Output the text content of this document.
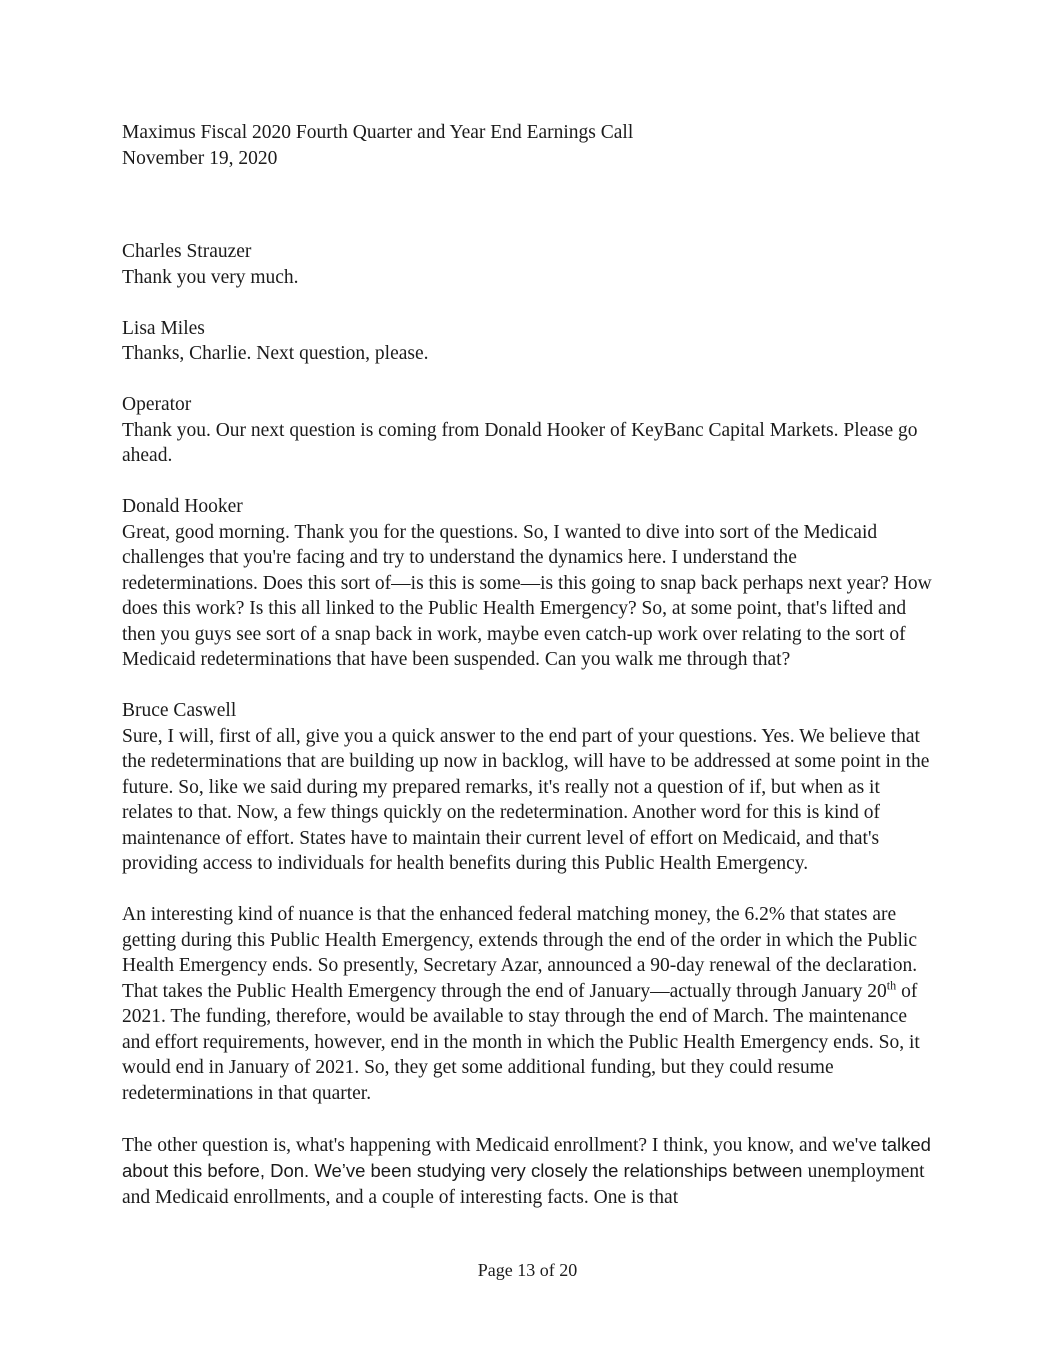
Maximus Fiscal 2020 Fourth Quarter and Year End Earnings Call
November 19, 2020
Charles Strauzer

Thank you very much.

Lisa Miles

Thanks, Charlie. Next question, please.

Operator

Thank you. Our next question is coming from Donald Hooker of KeyBanc Capital Markets. Please go ahead.

Donald Hooker

Great, good morning. Thank you for the questions. So, I wanted to dive into sort of the Medicaid challenges that you're facing and try to understand the dynamics here. I understand the redeterminations. Does this sort of—is this is some—is this going to snap back perhaps next year? How does this work? Is this all linked to the Public Health Emergency? So, at some point, that's lifted and then you guys see sort of a snap back in work, maybe even catch-up work over relating to the sort of Medicaid redeterminations that have been suspended. Can you walk me through that?

Bruce Caswell

Sure, I will, first of all, give you a quick answer to the end part of your questions. Yes. We believe that the redeterminations that are building up now in backlog, will have to be addressed at some point in the future. So, like we said during my prepared remarks, it's really not a question of if, but when as it relates to that. Now, a few things quickly on the redetermination. Another word for this is kind of maintenance of effort. States have to maintain their current level of effort on Medicaid, and that's providing access to individuals for health benefits during this Public Health Emergency.

An interesting kind of nuance is that the enhanced federal matching money, the 6.2% that states are getting during this Public Health Emergency, extends through the end of the order in which the Public Health Emergency ends. So presently, Secretary Azar, announced a 90-day renewal of the declaration. That takes the Public Health Emergency through the end of January—actually through January 20th of 2021. The funding, therefore, would be available to stay through the end of March. The maintenance and effort requirements, however, end in the month in which the Public Health Emergency ends. So, it would end in January of 2021. So, they get some additional funding, but they could resume redeterminations in that quarter.

The other question is, what's happening with Medicaid enrollment? I think, you know, and we've talked about this before, Don. We’ve been studying very closely the relationships between unemployment and Medicaid enrollments, and a couple of interesting facts. One is that

Page 13 of 20
